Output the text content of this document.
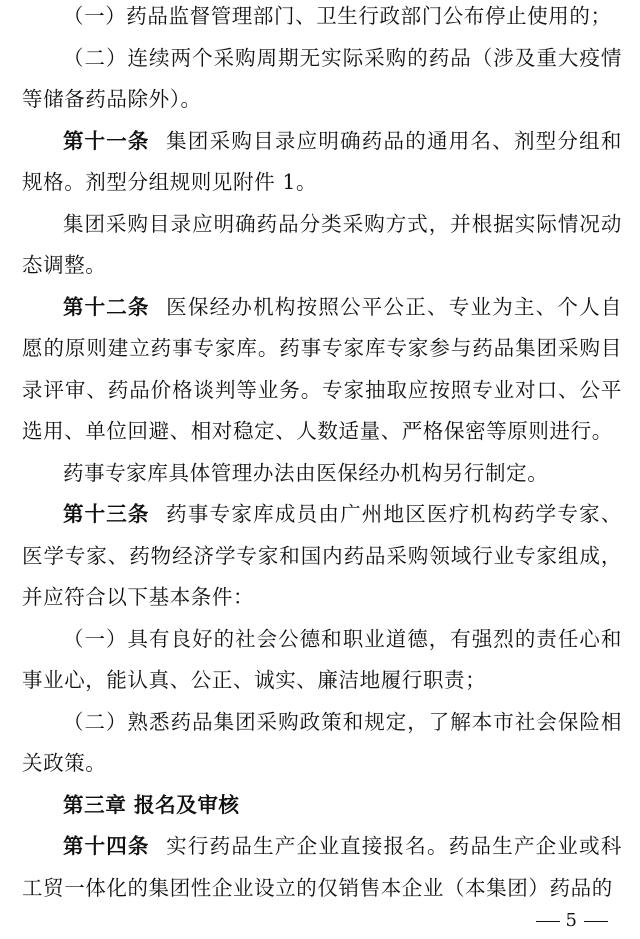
（一）药品监督管理部门、卫生行政部门公布停止使用的；

（二）连续两个采购周期无实际采购的药品（涉及重大疫情等储备药品除外）。

第十一条 集团采购目录应明确药品的通用名、剂型分组和规格。剂型分组规则见附件 1。

集团采购目录应明确药品分类采购方式，并根据实际情况动态调整。

第十二条 医保经办机构按照公平公正、专业为主、个人自愿的原则建立药事专家库。药事专家库专家参与药品集团采购目录评审、药品价格谈判等业务。专家抽取应按照专业对口、公平选用、单位回避、相对稳定、人数适量、严格保密等原则进行。

药事专家库具体管理办法由医保经办机构另行制定。

第十三条 药事专家库成员由广州地区医疗机构药学专家、医学专家、药物经济学专家和国内药品采购领域行业专家组成，并应符合以下基本条件：

（一）具有良好的社会公德和职业道德，有强烈的责任心和事业心，能认真、公正、诚实、廉洁地履行职责；

（二）熟悉药品集团采购政策和规定，了解本市社会保险相关政策。

第三章 报名及审核

第十四条 实行药品生产企业直接报名。药品生产企业或科工贸一体化的集团性企业设立的仅销售本企业（本集团）药品的

5
